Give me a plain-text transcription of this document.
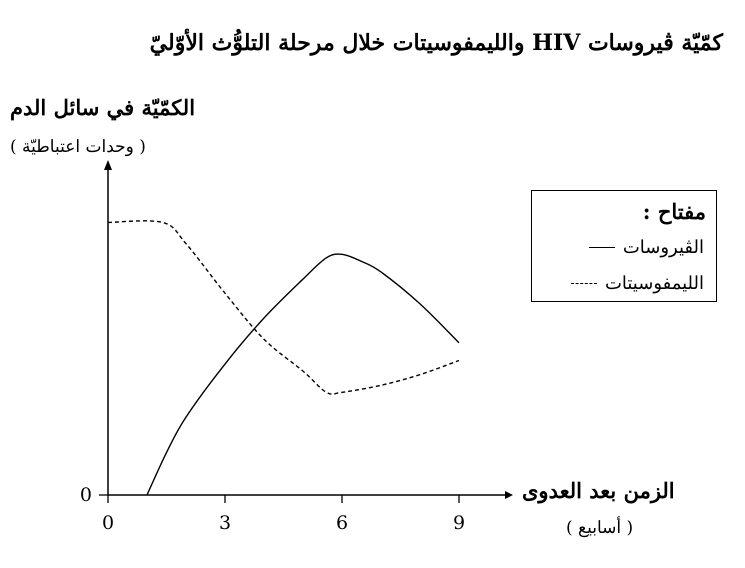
كمّيّة ڤيروسات HIV والليمفوسيتات خلال مرحلة التلوُّث الأوّليّ
الكمّيّة في سائل الدم
( وحدات اعتباطيّة )
الزمن بعد العدوى
( أسابيع )
0	3	6	9
0
مفتاح :
الڤيروسات
الليمفوسيتات
